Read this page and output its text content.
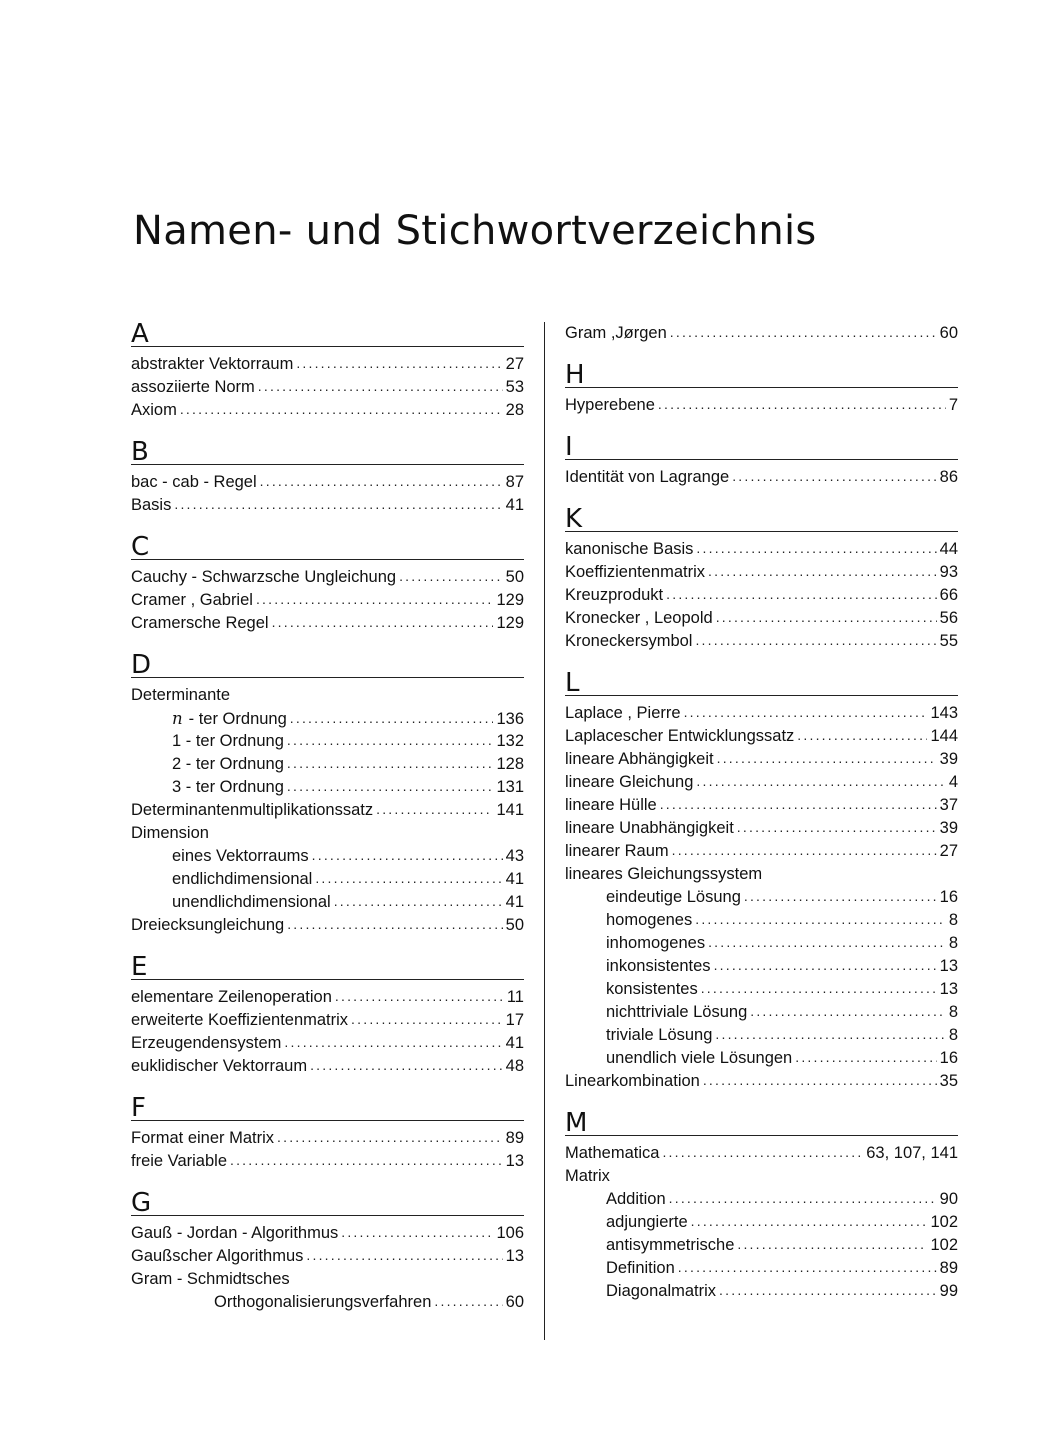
Namen- und Stichwortverzeichnis
A
abstrakter Vektorraum .....	27
assoziierte Norm .....	53
Axiom .....	28
B
bac - cab - Regel .....	87
Basis .....	41
C
Cauchy - Schwarzsche Ungleichung .....	50
Cramer , Gabriel .....	129
Cramersche Regel .....	129
D
Determinante
n - ter Ordnung .....	136
1 - ter Ordnung .....	132
2 - ter Ordnung .....	128
3 - ter Ordnung .....	131
Determinantenmultiplikationssatz .....	141
Dimension
eines Vektorraums .....	43
endlichdimensional .....	41
unendlichdimensional .....	41
Dreiecksungleichung .....	50
E
elementare Zeilenoperation .....	11
erweiterte Koeffizientenmatrix .....	17
Erzeugendensystem .....	41
euklidischer Vektorraum .....	48
F
Format einer Matrix .....	89
freie Variable .....	13
G
Gauß - Jordan - Algorithmus .....	106
Gaußscher Algorithmus .....	13
Gram - Schmidtsches
Orthogonalisierungsverfahren .....	60
Gram ,Jørgen .....	60
H
Hyperebene .....	7
I
Identität von Lagrange .....	86
K
kanonische Basis .....	44
Koeffizientenmatrix .....	93
Kreuzprodukt .....	66
Kronecker , Leopold .....	56
Kroneckersymbol .....	55
L
Laplace , Pierre .....	143
Laplacescher Entwicklungssatz .....	144
lineare Abhängigkeit .....	39
lineare Gleichung .....	4
lineare Hülle .....	37
lineare Unabhängigkeit .....	39
linearer Raum .....	27
lineares Gleichungssystem
eindeutige Lösung .....	16
homogenes .....	8
inhomogenes .....	8
inkonsistentes .....	13
konsistentes .....	13
nichttriviale Lösung .....	8
triviale Lösung .....	8
unendlich viele Lösungen .....	16
Linearkombination .....	35
M
Mathematica .....	63, 107, 141
Matrix
Addition .....	90
adjungierte .....	102
antisymmetrische .....	102
Definition .....	89
Diagonalmatrix .....	99
